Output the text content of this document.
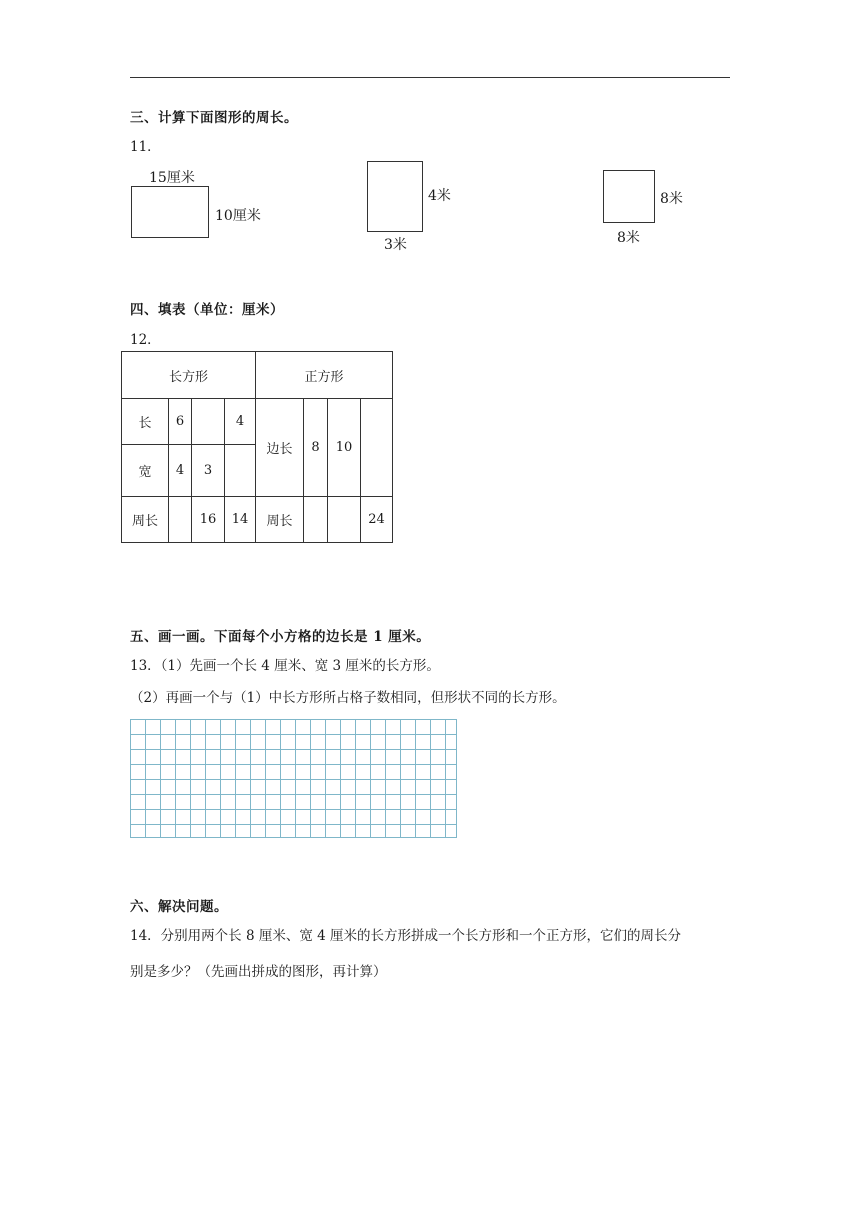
三、计算下面图形的周长。
11．
15厘米
10厘米
4米
3米
8米
8米
四、填表（单位：厘米）
12．
长方形				正方形			
长	6		4	边长	8	10	
宽	4	3					
周长		16	14	周长			24
五、画一画。下面每个小方格的边长是 1 厘米。
13．（1）先画一个长 4 厘米、宽 3 厘米的长方形。
（2）再画一个与（1）中长方形所占格子数相同，但形状不同的长方形。
六、解决问题。
14．分别用两个长 8 厘米、宽 4 厘米的长方形拼成一个长方形和一个正方形，它们的周长分
别是多少？（先画出拼成的图形，再计算）
